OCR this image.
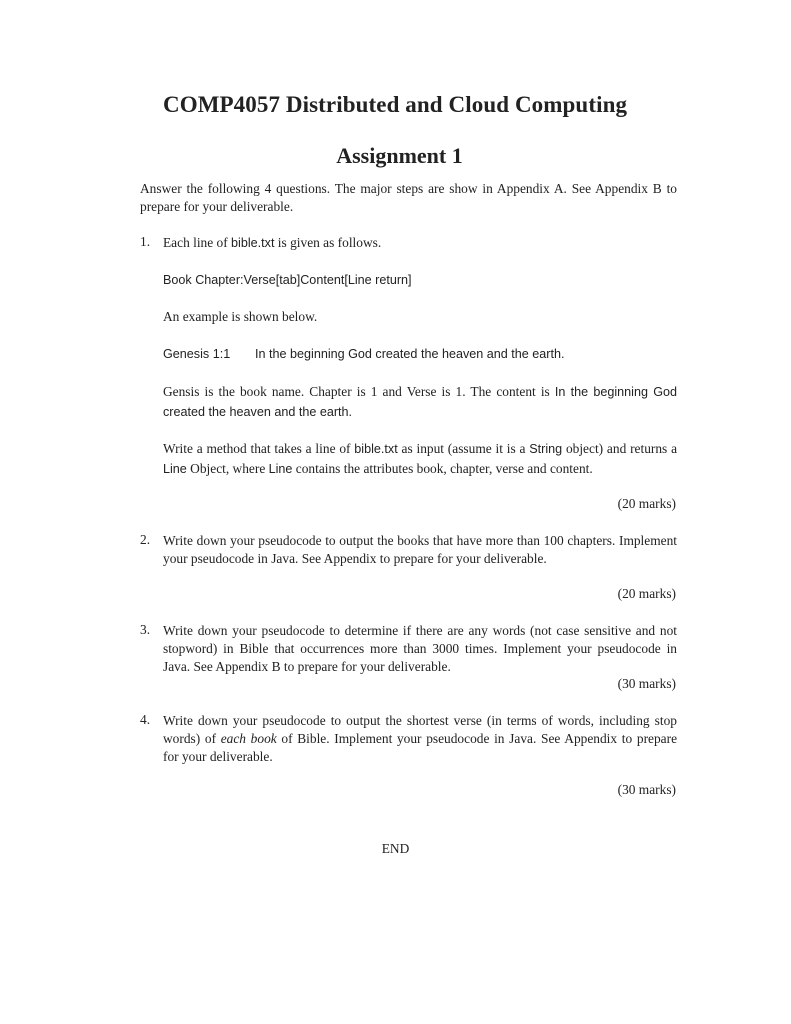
COMP4057 Distributed and Cloud Computing
Assignment 1
Answer the following 4 questions. The major steps are show in Appendix A. See Appendix B to prepare for your deliverable.
1. Each line of bible.txt is given as follows.
Book Chapter:Verse[tab]Content[Line return]
An example is shown below.
Genesis 1:1 In the beginning God created the heaven and the earth.
Gensis is the book name. Chapter is 1 and Verse is 1. The content is In the beginning God created the heaven and the earth.
Write a method that takes a line of bible.txt as input (assume it is a String object) and returns a Line Object, where Line contains the attributes book, chapter, verse and content.
(20 marks)
2. Write down your pseudocode to output the books that have more than 100 chapters. Implement your pseudocode in Java. See Appendix to prepare for your deliverable.
(20 marks)
3. Write down your pseudocode to determine if there are any words (not case sensitive and not stopword) in Bible that occurrences more than 3000 times. Implement your pseudocode in Java. See Appendix B to prepare for your deliverable.
(30 marks)
4. Write down your pseudocode to output the shortest verse (in terms of words, including stop words) of each book of Bible. Implement your pseudocode in Java. See Appendix to prepare for your deliverable.
(30 marks)
END
